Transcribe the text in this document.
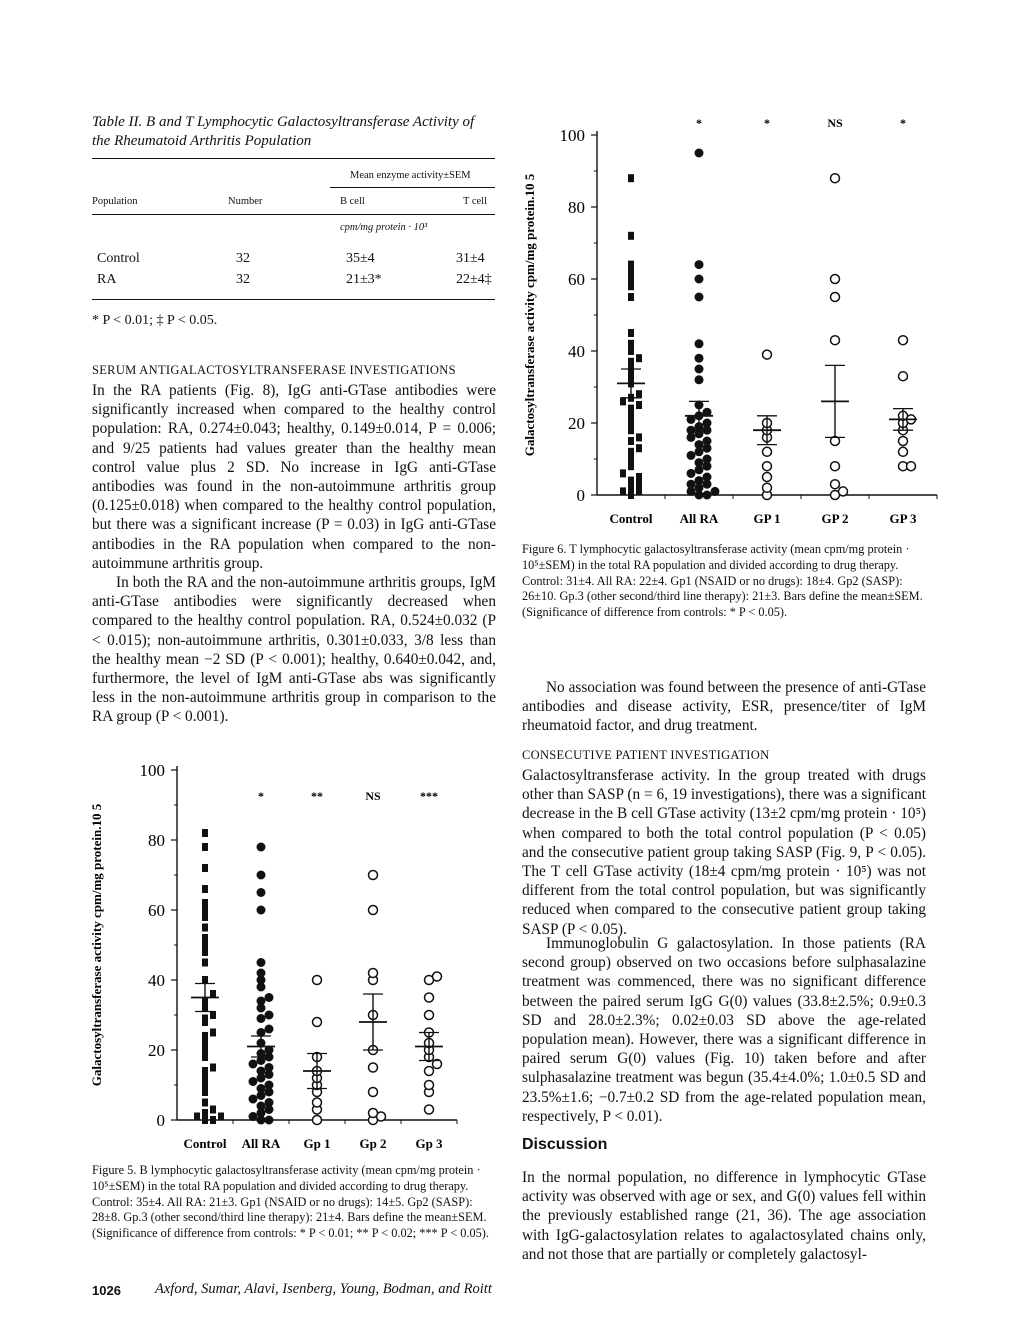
Table II. B and T Lymphocytic Galactosyltransferase Activity of the Rheumatoid Arthritis Population
Mean enzyme activity±SEM
Population	Number	B cell	T cell
cpm/mg protein · 10³
Control	32	35±4	31±4
RA	32	21±3*	22±4‡
* P < 0.01; ‡ P < 0.05.
SERUM ANTIGALACTOSYLTRANSFERASE INVESTIGATIONS
In the RA patients (Fig. 8), IgG anti-GTase antibodies were significantly increased when compared to the healthy control population: RA, 0.274±0.043; healthy, 0.149±0.014, P = 0.006; and 9/25 patients had values greater than the healthy mean control value plus 2 SD. No increase in IgG anti-GTase antibodies was found in the non-autoimmune arthritis group (0.125±0.018) when compared to the healthy control population, but there was a significant increase (P = 0.03) in IgG anti-GTase antibodies in the RA population when compared to the non-autoimmune arthritis group.
In both the RA and the non-autoimmune arthritis groups, IgM anti-GTase antibodies were significantly decreased when compared to the healthy control population. RA, 0.524±0.032 (P < 0.015); non-autoimmune arthritis, 0.301±0.033, 3/8 less than the healthy mean −2 SD (P < 0.001); healthy, 0.640±0.042, and, furthermore, the level of IgM anti-GTase abs was significantly less in the non-autoimmune arthritis group in comparison to the RA group (P < 0.001).
0
20
40
60
80
100
Galactosyltransferase activity cpm/mg protein.10 5
Control All RA	GP 1	GP 2	GP 3
*	*	NS	*
Figure 6. T lymphocytic galactosyltransferase activity (mean cpm/mg protein · 10⁵±SEM) in the total RA population and divided according to drug therapy. Control: 31±4. All RA: 22±4. Gp1 (NSAID or no drugs): 18±4. Gp2 (SASP): 26±10. Gp.3 (other second/third line therapy): 21±3. Bars define the mean±SEM. (Significance of difference from controls: * P < 0.05).
0
20
40
60
80
100
Galactosyltransferase activity cpm/mg protein.10 5
Control All RA Gp 1 Gp 2 Gp 3
*	**	NS	***
Figure 5. B lymphocytic galactosyltransferase activity (mean cpm/mg protein · 10⁵±SEM) in the total RA population and divided according to drug therapy. Control: 35±4. All RA: 21±3. Gp1 (NSAID or no drugs): 14±5. Gp2 (SASP): 28±8. Gp.3 (other second/third line therapy): 21±4. Bars define the mean±SEM. (Significance of difference from controls: * P < 0.01; ** P < 0.02; *** P < 0.05).
No association was found between the presence of anti-GTase antibodies and disease activity, ESR, presence/titer of IgM rheumatoid factor, and drug treatment.
CONSECUTIVE PATIENT INVESTIGATION
Galactosyltransferase activity. In the group treated with drugs other than SASP (n = 6, 19 investigations), there was a significant decrease in the B cell GTase activity (13±2 cpm/mg protein · 10⁵) when compared to both the total control population (P < 0.05) and the consecutive patient group taking SASP (Fig. 9, P < 0.05). The T cell GTase activity (18±4 cpm/mg protein · 10⁵) was not different from the total control population, but was significantly reduced when compared to the consecutive patient group taking SASP (P < 0.05).
Immunoglobulin G galactosylation. In those patients (RA second group) observed on two occasions before sulphasalazine treatment was commenced, there was no significant difference between the paired serum IgG G(0) values (33.8±2.5%; 0.9±0.3 SD and 28.0±2.3%; 0.02±0.03 SD above the age-related population mean). However, there was a significant difference in paired serum G(0) values (Fig. 10) taken before and after sulphasalazine treatment was begun (35.4±4.0%; 1.0±0.5 SD and 23.5%±1.6; −0.7±0.2 SD from the age-related population mean, respectively, P < 0.01).
Discussion
In the normal population, no difference in lymphocytic GTase activity was observed with age or sex, and G(0) values fell within the previously established range (21, 36). The age association with IgG-galactosylation relates to agalactosylated chains only, and not those that are partially or completely galactosyl-
1026 Axford, Sumar, Alavi, Isenberg, Young, Bodman, and Roitt
